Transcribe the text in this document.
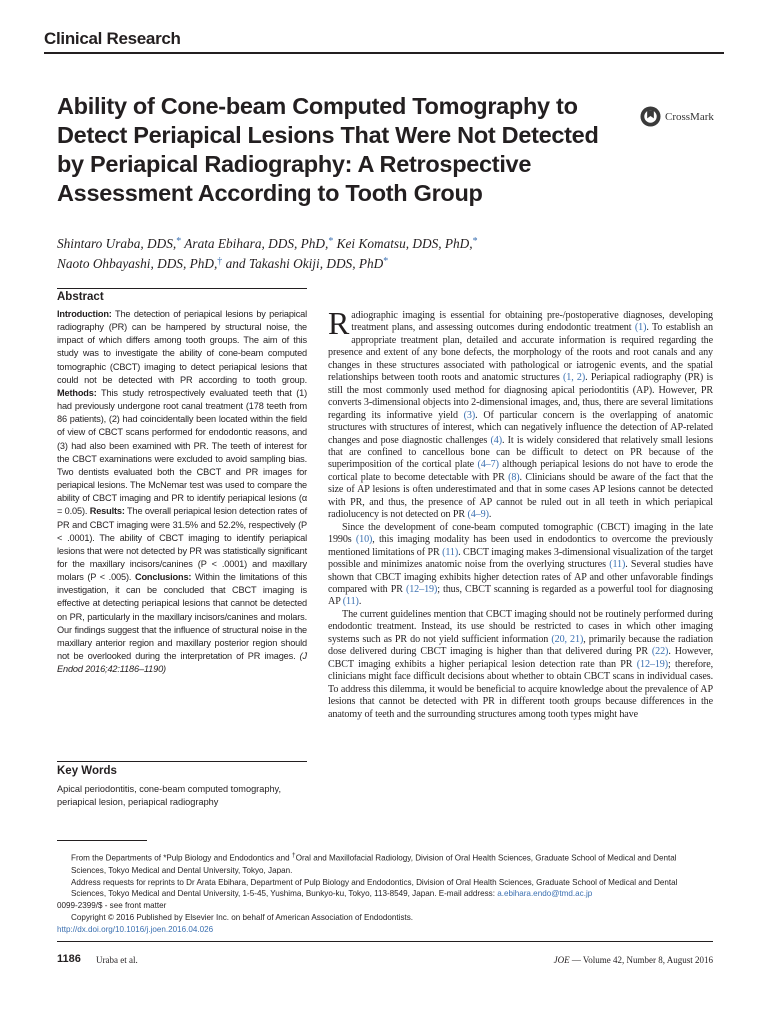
Clinical Research
Ability of Cone-beam Computed Tomography to Detect Periapical Lesions That Were Not Detected by Periapical Radiography: A Retrospective Assessment According to Tooth Group
CrossMark
Shintaro Uraba, DDS,* Arata Ebihara, DDS, PhD,* Kei Komatsu, DDS, PhD,*
Naoto Ohbayashi, DDS, PhD,† and Takashi Okiji, DDS, PhD*
Abstract
Introduction: The detection of periapical lesions by periapical radiography (PR) can be hampered by structural noise, the impact of which differs among tooth groups. The aim of this study was to investigate the ability of cone-beam computed tomographic (CBCT) imaging to detect periapical lesions that could not be detected with PR according to tooth group. Methods: This study retrospectively evaluated teeth that (1) had previously undergone root canal treatment (178 teeth from 86 patients), (2) had coincidentally been located within the field of view of CBCT scans performed for endodontic reasons, and (3) had also been examined with PR. The teeth of interest for the CBCT examinations were excluded to avoid sampling bias. Two dentists evaluated both the CBCT and PR images for periapical lesions. The McNemar test was used to compare the ability of CBCT imaging and PR to identify periapical lesions (α = 0.05). Results: The overall periapical lesion detection rates of PR and CBCT imaging were 31.5% and 52.2%, respectively (P < .0001). The ability of CBCT imaging to identify periapical lesions that were not detected by PR was statistically significant for the maxillary incisors/canines (P < .0001) and maxillary molars (P < .005). Conclusions: Within the limitations of this investigation, it can be concluded that CBCT imaging is effective at detecting periapical lesions that cannot be detected on PR, particularly in the maxillary incisors/canines and molars. Our findings suggest that the influence of structural noise in the maxillary anterior region and maxillary posterior region should not be overlooked during the interpretation of PR images. (J Endod 2016;42:1186–1190)
Key Words
Apical periodontitis, cone-beam computed tomography, periapical lesion, periapical radiography

Radiographic imaging is essential for obtaining pre-/postoperative diagnoses, developing treatment plans, and assessing outcomes during endodontic treatment (1). To establish an appropriate treatment plan, detailed and accurate information is required regarding the presence and extent of any bone defects, the morphology of the roots and root canals and any changes in these structures associated with pathological or iatrogenic events, and the spatial relationships between tooth roots and anatomic structures (1, 2). Periapical radiography (PR) is still the most commonly used method for diagnosing apical periodontitis (AP). However, PR converts 3-dimensional objects into 2-dimensional images, and, thus, there are several limitations regarding its informative yield (3). Of particular concern is the overlapping of anatomic structures with structures of interest, which can negatively influence the detection of AP-related changes and pose diagnostic challenges (4). It is widely considered that relatively small lesions that are confined to cancellous bone can be difficult to detect on PR because of the superimposition of the cortical plate (4–7) although periapical lesions do not have to erode the cortical plate to become detectable with PR (8). Clinicians should be aware of the fact that the size of AP lesions is often underestimated and that in some cases AP lesions cannot be detected with PR, and thus, the presence of AP cannot be ruled out in all teeth in which periapical radiolucency is not detected on PR (4–9).

Since the development of cone-beam computed tomographic (CBCT) imaging in the late 1990s (10), this imaging modality has been used in endodontics to overcome the previously mentioned limitations of PR (11). CBCT imaging makes 3-dimensional visualization of the target possible and minimizes anatomic noise from the overlying structures (11). Several studies have shown that CBCT imaging exhibits higher detection rates of AP and other unfavorable findings compared with PR (12–19); thus, CBCT scanning is regarded as a powerful tool for diagnosing AP (11).

The current guidelines mention that CBCT imaging should not be routinely performed during endodontic treatment. Instead, its use should be restricted to cases in which other imaging systems such as PR do not yield sufficient information (20, 21), primarily because the radiation dose delivered during CBCT imaging is higher than that delivered during PR (22). However, CBCT imaging exhibits a higher periapical lesion detection rate than PR (12–19); therefore, clinicians might face difficult decisions about whether to obtain CBCT scans in individual cases. To address this dilemma, it would be beneficial to acquire knowledge about the prevalence of AP lesions that cannot be detected with PR in different tooth groups because differences in the anatomy of teeth and the surrounding structures among tooth types might have

From the Departments of *Pulp Biology and Endodontics and †Oral and Maxillofacial Radiology, Division of Oral Health Sciences, Graduate School of Medical and Dental Sciences, Tokyo Medical and Dental University, Tokyo, Japan.

Address requests for reprints to Dr Arata Ebihara, Department of Pulp Biology and Endodontics, Division of Oral Health Sciences, Graduate School of Medical and Dental Sciences, Tokyo Medical and Dental University, 1-5-45, Yushima, Bunkyo-ku, Tokyo, 113-8549, Japan. E-mail address: a.ebihara.endo@tmd.ac.jp

0099-2399/$ - see front matter

Copyright © 2016 Published by Elsevier Inc. on behalf of American Association of Endodontists.

http://dx.doi.org/10.1016/j.joen.2016.04.026

1186 Uraba et al.	JOE — Volume 42, Number 8, August 2016
